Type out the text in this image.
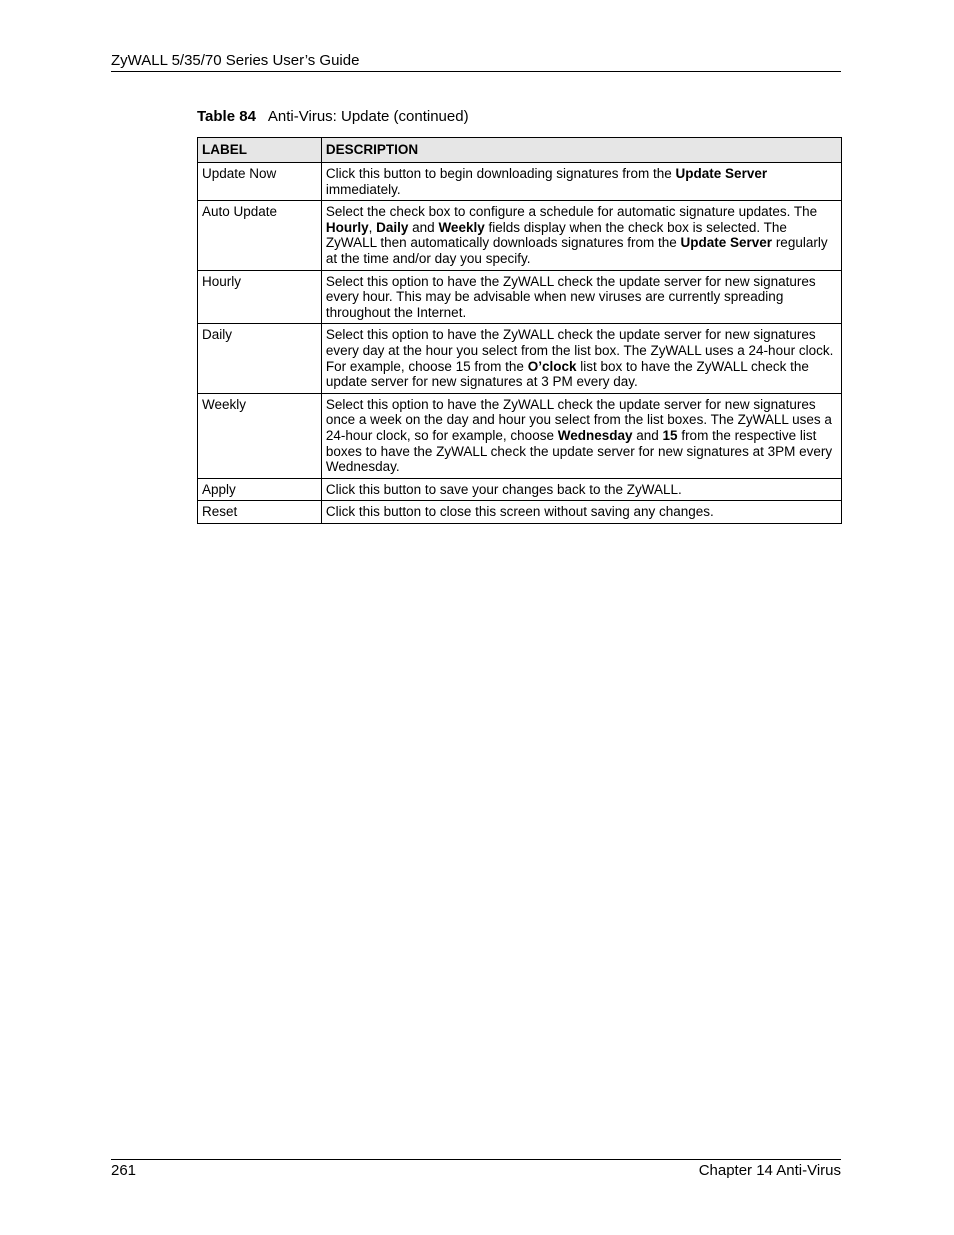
ZyWALL 5/35/70 Series User’s Guide
Table 84 Anti-Virus: Update (continued)
LABEL	DESCRIPTION
Update Now	Click this button to begin downloading signatures from the Update Server immediately.
Auto Update	Select the check box to configure a schedule for automatic signature updates. The Hourly, Daily and Weekly fields display when the check box is selected. The ZyWALL then automatically downloads signatures from the Update Server regularly at the time and/or day you specify.
Hourly	Select this option to have the ZyWALL check the update server for new signatures every hour. This may be advisable when new viruses are currently spreading throughout the Internet.
Daily	Select this option to have the ZyWALL check the update server for new signatures every day at the hour you select from the list box. The ZyWALL uses a 24-hour clock. For example, choose 15 from the O’clock list box to have the ZyWALL check the update server for new signatures at 3 PM every day.
Weekly	Select this option to have the ZyWALL check the update server for new signatures once a week on the day and hour you select from the list boxes. The ZyWALL uses a 24-hour clock, so for example, choose Wednesday and 15 from the respective list boxes to have the ZyWALL check the update server for new signatures at 3PM every Wednesday.
Apply	Click this button to save your changes back to the ZyWALL.
Reset	Click this button to close this screen without saving any changes.
261	Chapter 14 Anti-Virus
